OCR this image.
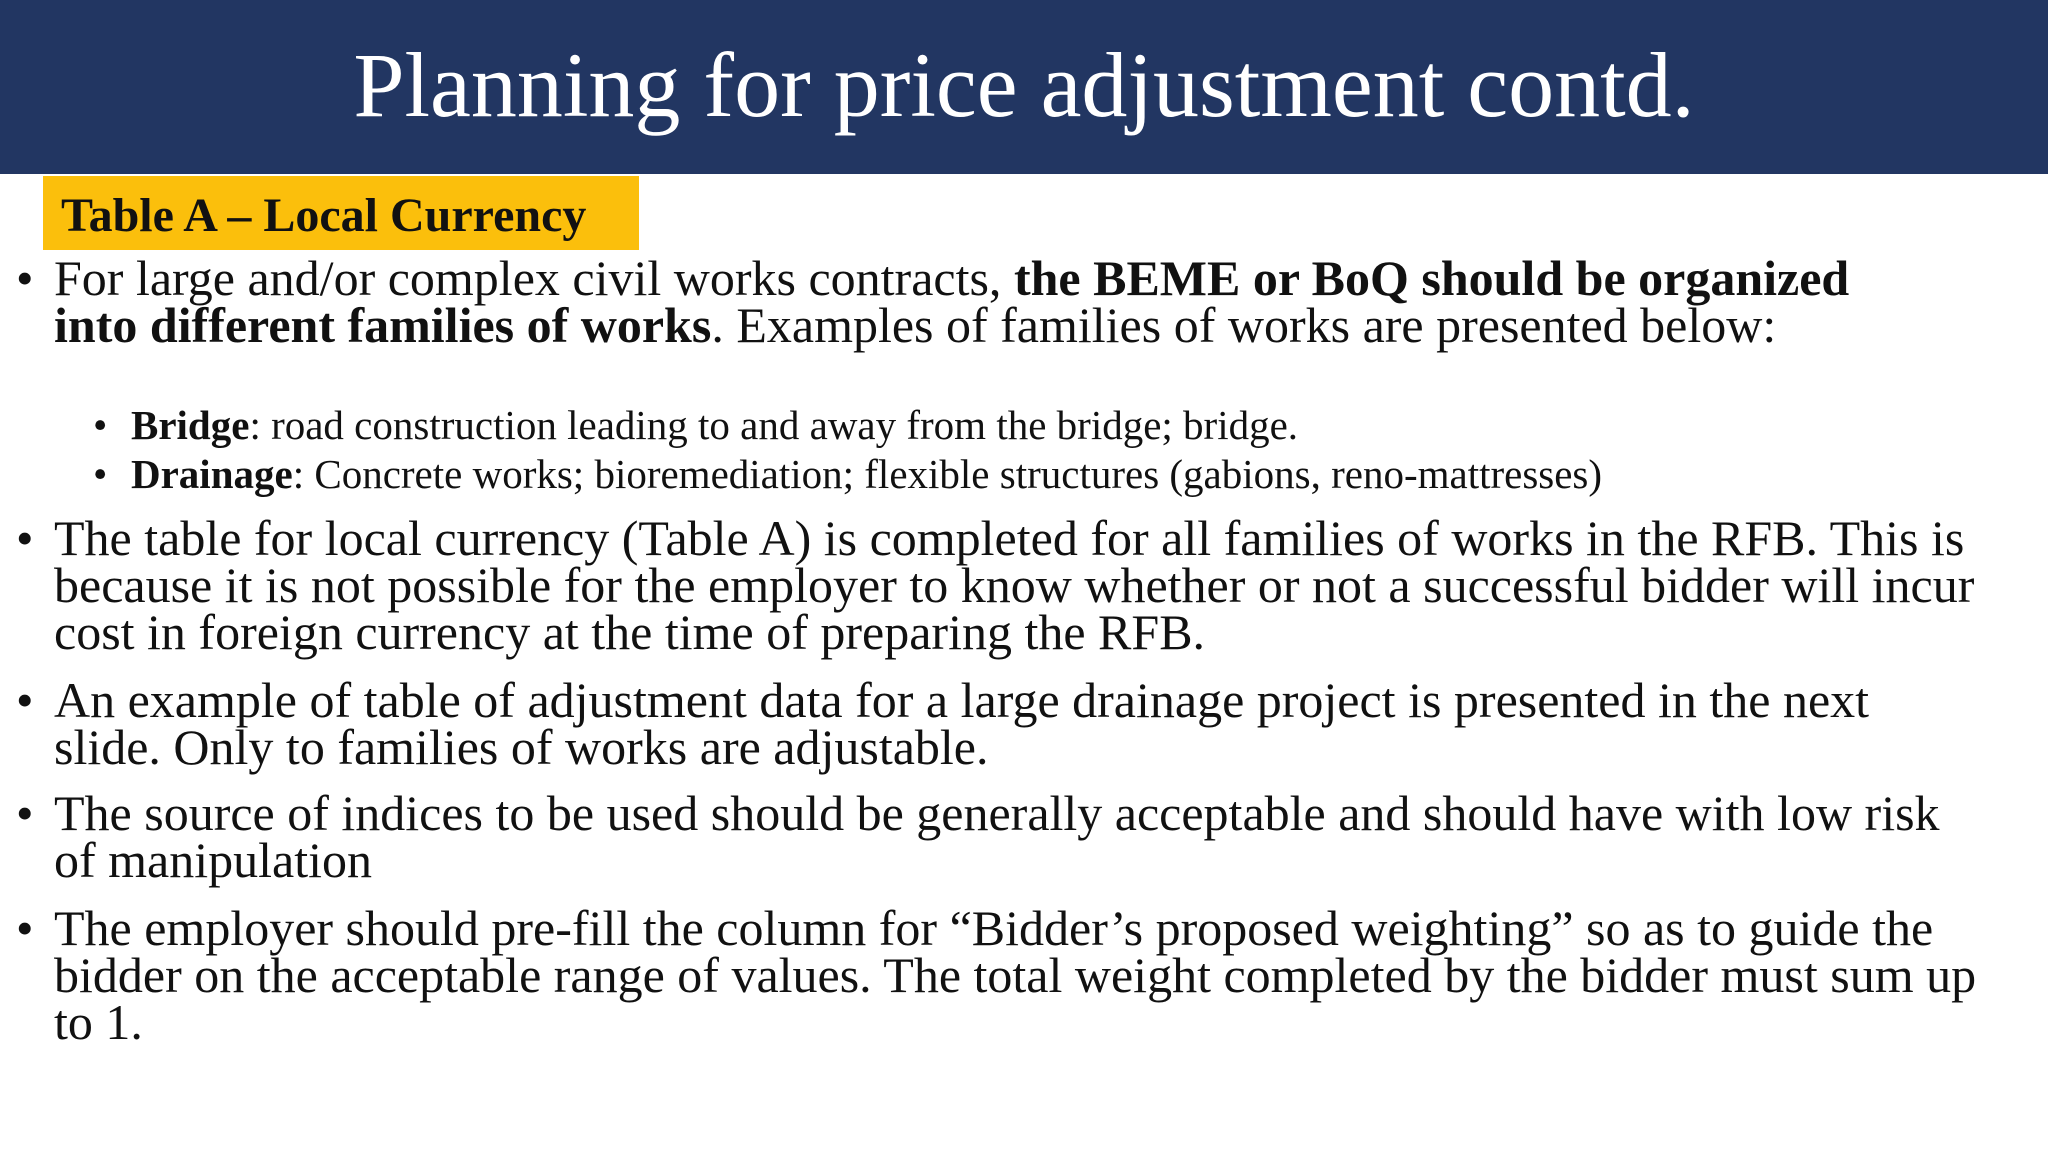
Planning for price adjustment contd.
Table A – Local Currency
• For large and/or complex civil works contracts, the BEME or BoQ should be organized into different families of works. Examples of families of works are presented below:
• Bridge: road construction leading to and away from the bridge; bridge.
• Drainage: Concrete works; bioremediation; flexible structures (gabions, reno-mattresses)
• The table for local currency (Table A) is completed for all families of works in the RFB. This is because it is not possible for the employer to know whether or not a successful bidder will incur cost in foreign currency at the time of preparing the RFB.
• An example of table of adjustment data for a large drainage project is presented in the next slide. Only to families of works are adjustable.
• The source of indices to be used should be generally acceptable and should have with low risk of manipulation
• The employer should pre-fill the column for “Bidder’s proposed weighting” so as to guide the bidder on the acceptable range of values. The total weight completed by the bidder must sum up to 1.
